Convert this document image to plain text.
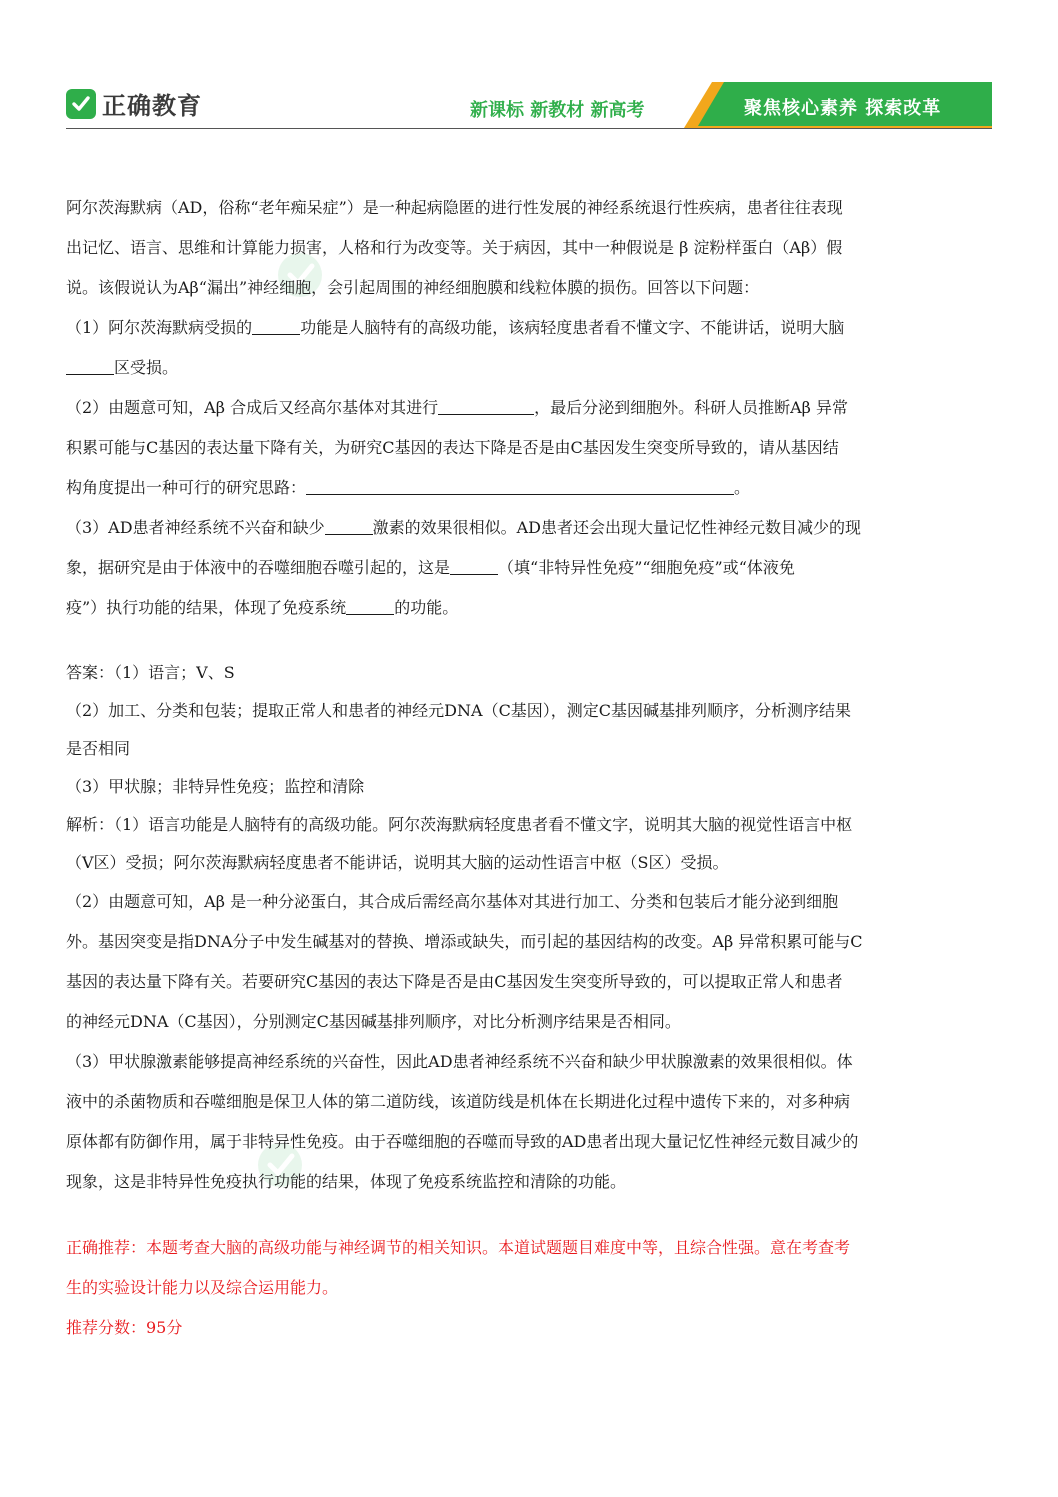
正确教育	新课标 新教材 新高考	聚焦核心素养 探索改革
阿尔茨海默病（AD，俗称“老年痴呆症”）是一种起病隐匿的进行性发展的神经系统退行性疾病，患者往往表现
出记忆、语言、思维和计算能力损害，人格和行为改变等。关于病因，其中一种假说是 β 淀粉样蛋白（Aβ）假
说。该假说认为Aβ“漏出”神经细胞，会引起周围的神经细胞膜和线粒体膜的损伤。回答以下问题：
（1）阿尔茨海默病受损的	功能是人脑特有的高级功能，该病轻度患者看不懂文字、不能讲话，说明大脑
区受损。
（2）由题意可知，Aβ 合成后又经高尔基体对其进行	，最后分泌到细胞外。科研人员推断Aβ 异常
积累可能与C基因的表达量下降有关，为研究C基因的表达下降是否是由C基因发生突变所导致的，请从基因结
构角度提出一种可行的研究思路：	。
（3）AD患者神经系统不兴奋和缺少	激素的效果很相似。AD患者还会出现大量记忆性神经元数目减少的现
象，据研究是由于体液中的吞噬细胞吞噬引起的，这是	（填“非特异性免疫”“细胞免疫”或“体液免
疫”）执行功能的结果，体现了免疫系统	的功能。
答案：（1）语言；V、S
（2）加工、分类和包装；提取正常人和患者的神经元DNA（C基因），测定C基因碱基排列顺序，分析测序结果
是否相同
（3）甲状腺；非特异性免疫；监控和清除
解析：（1）语言功能是人脑特有的高级功能。阿尔茨海默病轻度患者看不懂文字，说明其大脑的视觉性语言中枢
（V区）受损；阿尔茨海默病轻度患者不能讲话，说明其大脑的运动性语言中枢（S区）受损。
（2）由题意可知，Aβ 是一种分泌蛋白，其合成后需经高尔基体对其进行加工、分类和包装后才能分泌到细胞
外。基因突变是指DNA分子中发生碱基对的替换、增添或缺失，而引起的基因结构的改变。Aβ 异常积累可能与C
基因的表达量下降有关。若要研究C基因的表达下降是否是由C基因发生突变所导致的，可以提取正常人和患者
的神经元DNA（C基因），分别测定C基因碱基排列顺序，对比分析测序结果是否相同。
（3）甲状腺激素能够提高神经系统的兴奋性，因此AD患者神经系统不兴奋和缺少甲状腺激素的效果很相似。体
液中的杀菌物质和吞噬细胞是保卫人体的第二道防线，该道防线是机体在长期进化过程中遗传下来的，对多种病
原体都有防御作用，属于非特异性免疫。由于吞噬细胞的吞噬而导致的AD患者出现大量记忆性神经元数目减少的
现象，这是非特异性免疫执行功能的结果，体现了免疫系统监控和清除的功能。
正确推荐：本题考查大脑的高级功能与神经调节的相关知识。本道试题题目难度中等，且综合性强。意在考查考
生的实验设计能力以及综合运用能力。
推荐分数：95分
